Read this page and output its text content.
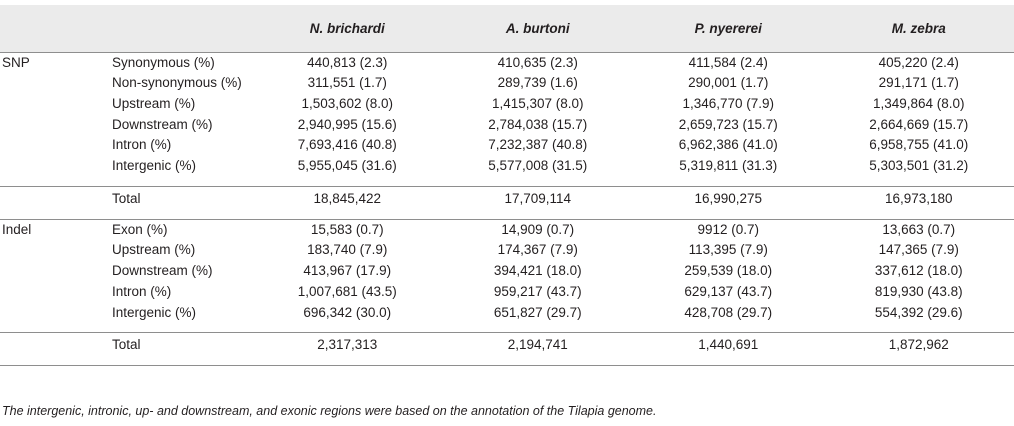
		N. brichardi	A. burtoni	P. nyererei	M. zebra

SNP	Synonymous (%)	440,813 (2.3)	410,635 (2.3)	411,584 (2.4)	405,220 (2.4)
	Non-synonymous (%)	311,551 (1.7)	289,739 (1.6)	290,001 (1.7)	291,171 (1.7)
	Upstream (%)	1,503,602 (8.0)	1,415,307 (8.0)	1,346,770 (7.9)	1,349,864 (8.0)
	Downstream (%)	2,940,995 (15.6)	2,784,038 (15.7)	2,659,723 (15.7)	2,664,669 (15.7)
	Intron (%)	7,693,416 (40.8)	7,232,387 (40.8)	6,962,386 (41.0)	6,958,755 (41.0)
	Intergenic (%)	5,955,045 (31.6)	5,577,008 (31.5)	5,319,811 (31.3)	5,303,501 (31.2)

	Total	18,845,422	17,709,114	16,990,275	16,973,180

Indel	Exon (%)	15,583 (0.7)	14,909 (0.7)	9912 (0.7)	13,663 (0.7)
	Upstream (%)	183,740 (7.9)	174,367 (7.9)	113,395 (7.9)	147,365 (7.9)
	Downstream (%)	413,967 (17.9)	394,421 (18.0)	259,539 (18.0)	337,612 (18.0)
	Intron (%)	1,007,681 (43.5)	959,217 (43.7)	629,137 (43.7)	819,930 (43.8)
	Intergenic (%)	696,342 (30.0)	651,827 (29.7)	428,708 (29.7)	554,392 (29.6)

	Total	2,317,313	2,194,741	1,440,691	1,872,962

The intergenic, intronic, up- and downstream, and exonic regions were based on the annotation of the Tilapia genome.
